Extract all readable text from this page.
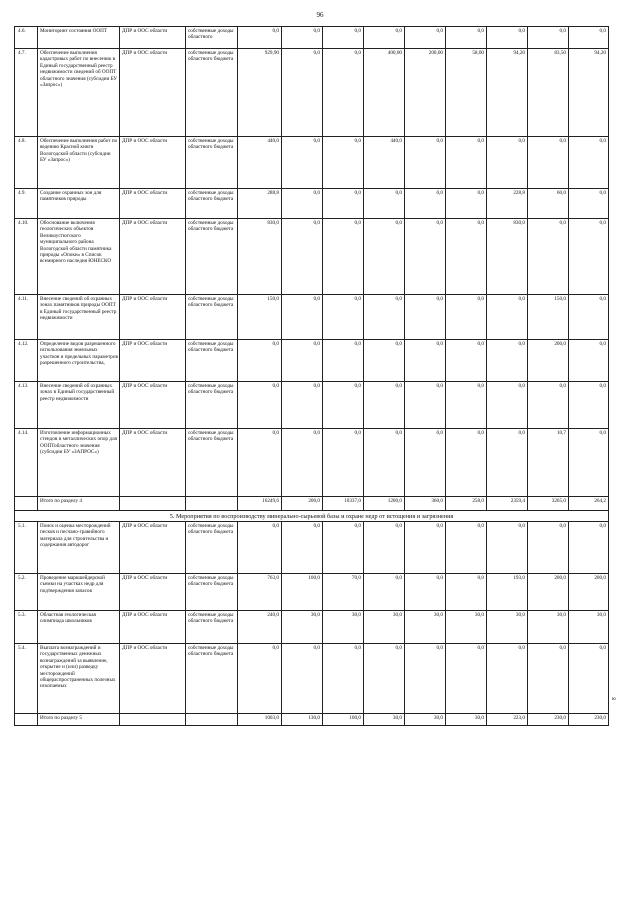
96
4.6.	Мониторинг состояния ООПТ	ДПР и ООС области	собственные доходы областного	0,0	0,0	0,0	0,0	0,0	0,0	0,0	0,0	0,0
4.7.	Обеспечение выполнения кадастровых работ по внесению в Единый государственный реестр недвижимости сведений об ООПТ областного значения (субсидии БУ «Запрос»)	ДПР и ООС области	собственные доходы областного бюджета	929,90	0,0	0,0	400,00	200,00	58,00	94,20	83,50	94,20
4.8.	Обеспечение выполнения работ по ведению Красной книги Вологодской области (субсидии БУ «Запрос»)	ДПР и ООС области	собственные доходы областного бюджета	440,0	0,0	0,0	440,0	0,0	0,0	0,0	0,0	0,0
4.9.	Создание охранных зон для памятников природы	ДПР и ООС области	собственные доходы областного бюджета	288,8	0,0	0,0	0,0	0,0	0,0	228,8	60,0	0,0
4.10.	Обоснование включения геологических объектов Великоустюгского муниципального района Вологодской области памятника природы «Опоки» в Список всемирного наследия ЮНЕСКО	ДПР и ООС области	собственные доходы областного бюджета	830,0	0,0	0,0	0,0	0,0	0,0	830,0	0,0	0,0
4.11.	Внесение сведений об охранных зонах памятников природы ООПТ в Единый государственный реестр недвижимости	ДПР и ООС области	собственные доходы областного бюджета	150,0	0,0	0,0	0,0	0,0	0,0	0,0	150,0	0,0
4.12.	Определение видов разрешенного использования земельных участков и предельных параметров разрешенного строительства,	ДПР и ООС области	собственные доходы областного бюджета	0,0	0,0	0,0	0,0	0,0	0,0	0,0	200,0	0,0
4.13.	Внесение сведений об охранных зонах в Единый государственный реестр недвижимости	ДПР и ООС области	собственные доходы областного бюджета	0,0	0,0	0,0	0,0	0,0	0,0	0,0	0,0	0,0
4.14.	Изготовление информационных стендов и металлических опор для ООПТобластного значения (субсидии БУ «ЗАПРОС»)	ДПР и ООС области	собственные доходы областного бюджета	0,0	0,0	0,0	0,0	0,0	0,0	0,0	10,7	0,0
	Итого по разделу 4			16249,6	200,0	10337,0	1200,0	360,0	258,0	2359,4	3265,0	264,2
5. Мероприятия по воспроизводству минерально-сырьевой базы и охране недр от истощения и загрязнения												
5.1.	Поиск и оценка месторождений песков и песчано-гравийного материала для строительства и содержания автодорог	ДПР и ООС области	собственные доходы областного бюджета	0,0	0,0	0,0	0,0	0,0	0,0	0,0	0,0	0,0
5.2.	Проведение маркшейдерской съемки на участках недр для подтверждения запасов	ДПР и ООС области	собственные доходы областного бюджета	763,0	100,0	70,0	0,0	0,0	0,0	193,0	200,0	200,0
5.3.	Областная геологическая олимпиада школьников	ДПР и ООС области	собственные доходы областного бюджета	240,0	30,0	30,0	30,0	30,0	30,0	30,0	30,0	30,0
5.4.	Выплата вознаграждений и государственных денежных вознаграждений за выявление, открытие и (или) разведку месторождений общераспространенных полезных ископаемых	ДПР и ООС области	собственные доходы областного бюджета	0,0	0,0	0,0	0,0	0,0	0,0	0,0	0,0	0,0
	Итого по разделу 5			1003,0	130,0	100,0	30,0	30,0	30,0	223,0	230,0	230,0
ю
